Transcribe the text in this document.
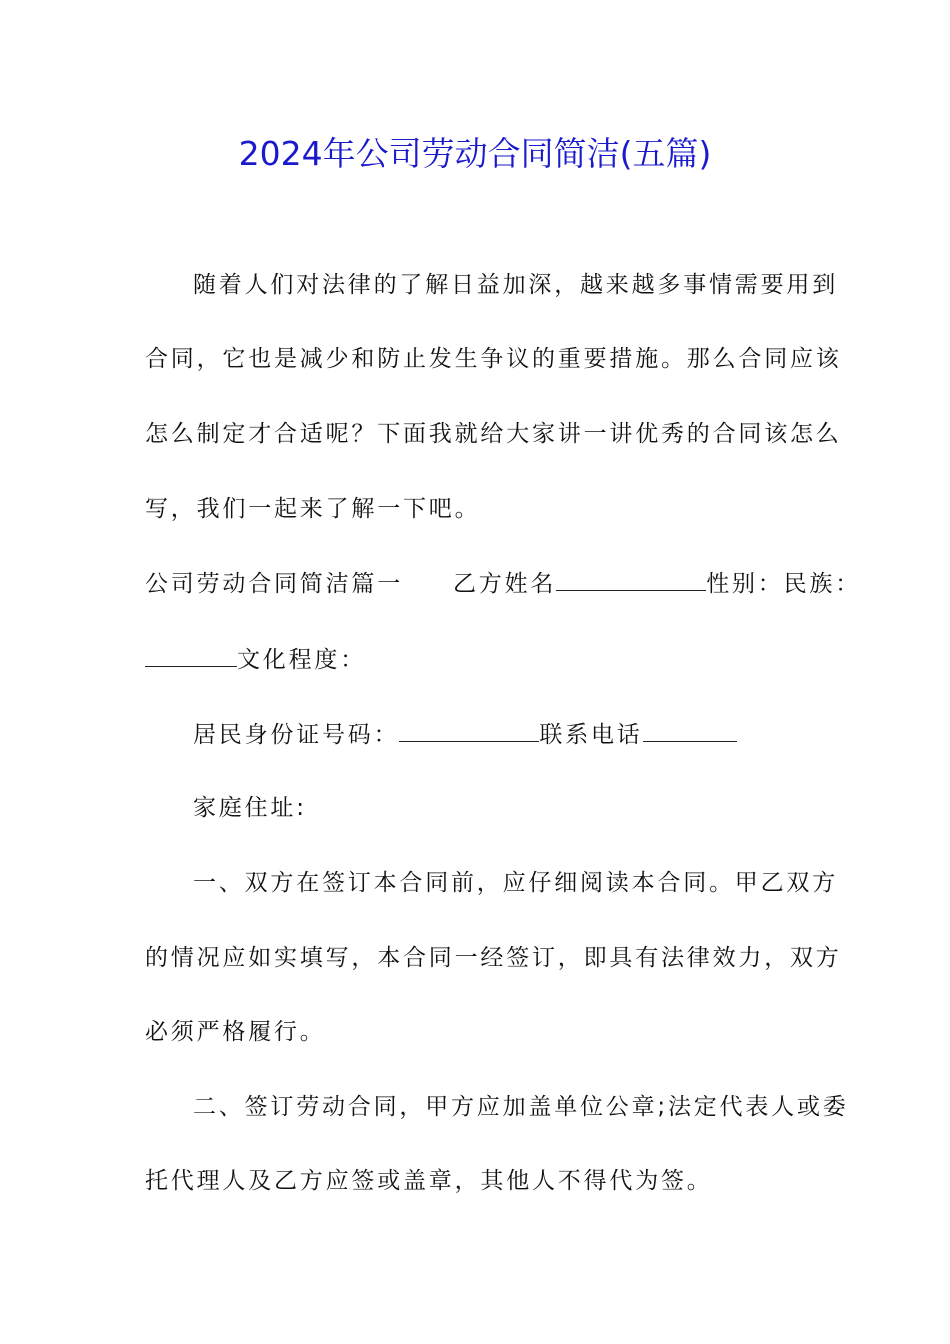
2024年公司劳动合同简洁(五篇)
随着人们对法律的了解日益加深，越来越多事情需要用到
合同，它也是减少和防止发生争议的重要措施。那么合同应该
怎么制定才合适呢？下面我就给大家讲一讲优秀的合同该怎么
写，我们一起来了解一下吧。
公司劳动合同简洁篇一 乙方姓名	性别：民族：
文化程度：
居民身份证号码：	联系电话
家庭住址:
一、双方在签订本合同前，应仔细阅读本合同。甲乙双方
的情况应如实填写，本合同一经签订，即具有法律效力，双方
必须严格履行。
二、签订劳动合同，甲方应加盖单位公章;法定代表人或委
托代理人及乙方应签或盖章，其他人不得代为签。
